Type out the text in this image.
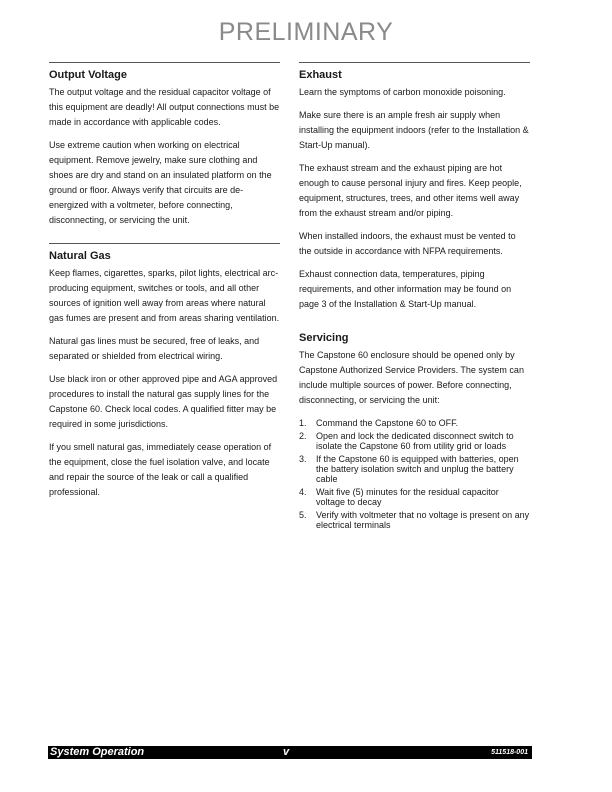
PRELIMINARY
Output Voltage

The output voltage and the residual capacitor voltage of this equipment are deadly! All output connections must be made in accordance with applicable codes.

Use extreme caution when working on electrical equipment. Remove jewelry, make sure clothing and shoes are dry and stand on an insulated platform on the ground or floor. Always verify that circuits are de-energized with a voltmeter, before connecting, disconnecting, or servicing the unit.

Natural Gas

Keep flames, cigarettes, sparks, pilot lights, electrical arc-producing equipment, switches or tools, and all other sources of ignition well away from areas where natural gas fumes are present and from areas sharing ventilation.

Natural gas lines must be secured, free of leaks, and separated or shielded from electrical wiring.

Use black iron or other approved pipe and AGA approved procedures to install the natural gas supply lines for the Capstone 60. Check local codes. A qualified fitter may be required in some jurisdictions.

If you smell natural gas, immediately cease operation of the equipment, close the fuel isolation valve, and locate and repair the source of the leak or call a qualified professional.

Exhaust

Learn the symptoms of carbon monoxide poisoning.

Make sure there is an ample fresh air supply when installing the equipment indoors (refer to the Installation & Start-Up manual).

The exhaust stream and the exhaust piping are hot enough to cause personal injury and fires. Keep people, equipment, structures, trees, and other items well away from the exhaust stream and/or piping.

When installed indoors, the exhaust must be vented to the outside in accordance with NFPA requirements.

Exhaust connection data, temperatures, piping requirements, and other information may be found on page 3 of the Installation & Start-Up manual.

Servicing

The Capstone 60 enclosure should be opened only by Capstone Authorized Service Providers. The system can include multiple sources of power. Before connecting, disconnecting, or servicing the unit:

1. Command the Capstone 60 to OFF.
2. Open and lock the dedicated disconnect switch to isolate the Capstone 60 from utility grid or loads
3. If the Capstone 60 is equipped with batteries, open the battery isolation switch and unplug the battery cable
4. Wait five (5) minutes for the residual capacitor voltage to decay
5. Verify with voltmeter that no voltage is present on any electrical terminals
System Operation	v	511518-001
